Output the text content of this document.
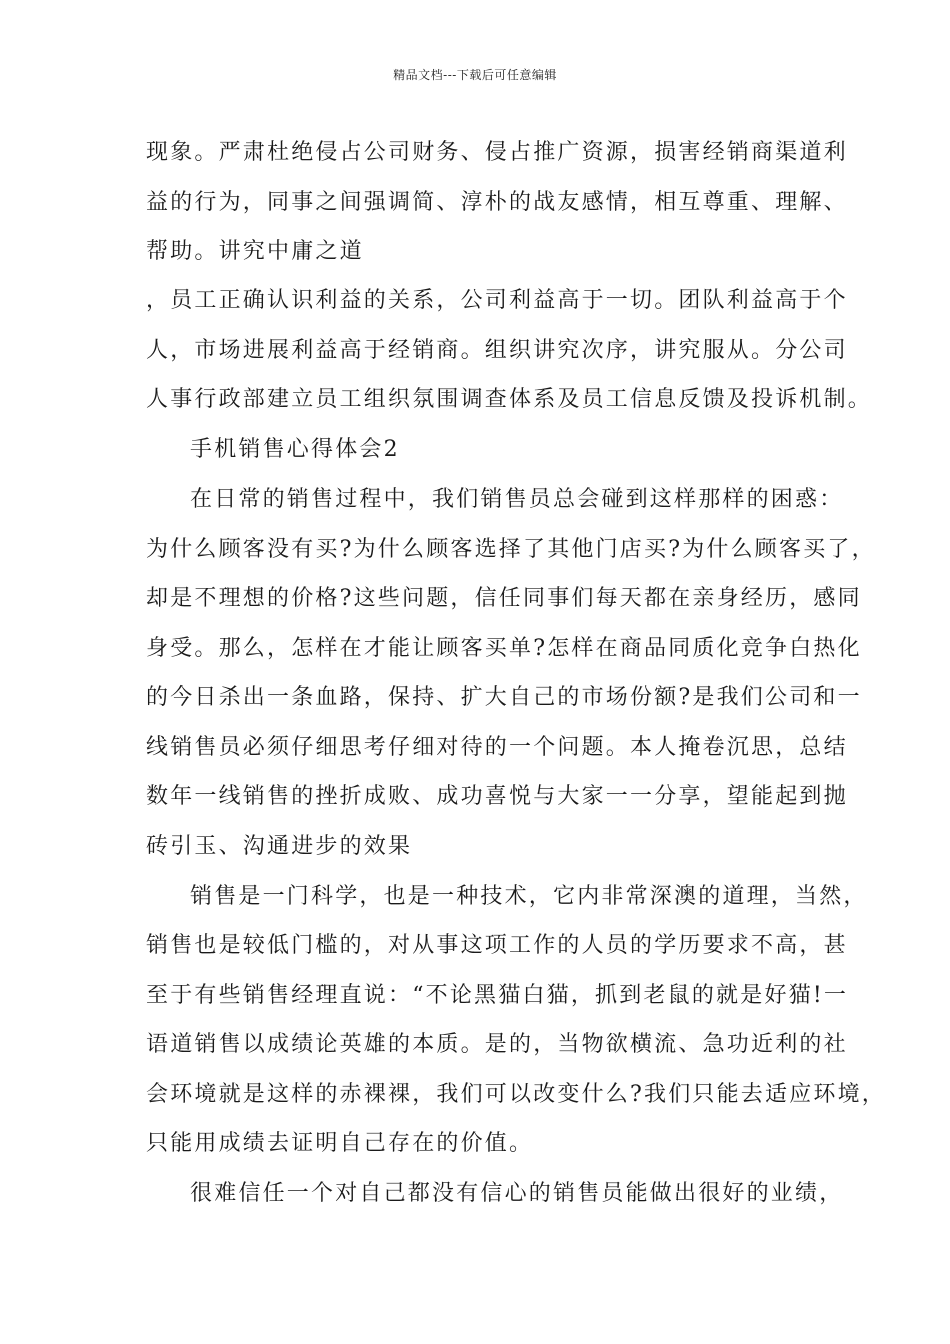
精品文档---下载后可任意编辑
现象。严肃杜绝侵占公司财务、侵占推广资源，损害经销商渠道利
益的行为，同事之间强调简、淳朴的战友感情，相互尊重、理解、
帮助。讲究中庸之道
，员工正确认识利益的关系，公司利益高于一切。团队利益高于个
人，市场进展利益高于经销商。组织讲究次序，讲究服从。分公司
人事行政部建立员工组织氛围调查体系及员工信息反馈及投诉机制。
手机销售心得体会2
在日常的销售过程中，我们销售员总会碰到这样那样的困惑：
为什么顾客没有买?为什么顾客选择了其他门店买?为什么顾客买了，
却是不理想的价格?这些问题，信任同事们每天都在亲身经历，感同
身受。那么，怎样在才能让顾客买单?怎样在商品同质化竞争白热化
的今日杀出一条血路，保持、扩大自己的市场份额?是我们公司和一
线销售员必须仔细思考仔细对待的一个问题。本人掩卷沉思，总结
数年一线销售的挫折成败、成功喜悦与大家一一分享，望能起到抛
砖引玉、沟通进步的效果
销售是一门科学，也是一种技术，它内非常深澳的道理，当然，
销售也是较低门槛的，对从事这项工作的人员的学历要求不高，甚
至于有些销售经理直说：“不论黑猫白猫，抓到老鼠的就是好猫!一
语道销售以成绩论英雄的本质。是的，当物欲横流、急功近利的社
会环境就是这样的赤裸裸，我们可以改变什么?我们只能去适应环境，
只能用成绩去证明自己存在的价值。
很难信任一个对自己都没有信心的销售员能做出很好的业绩，
